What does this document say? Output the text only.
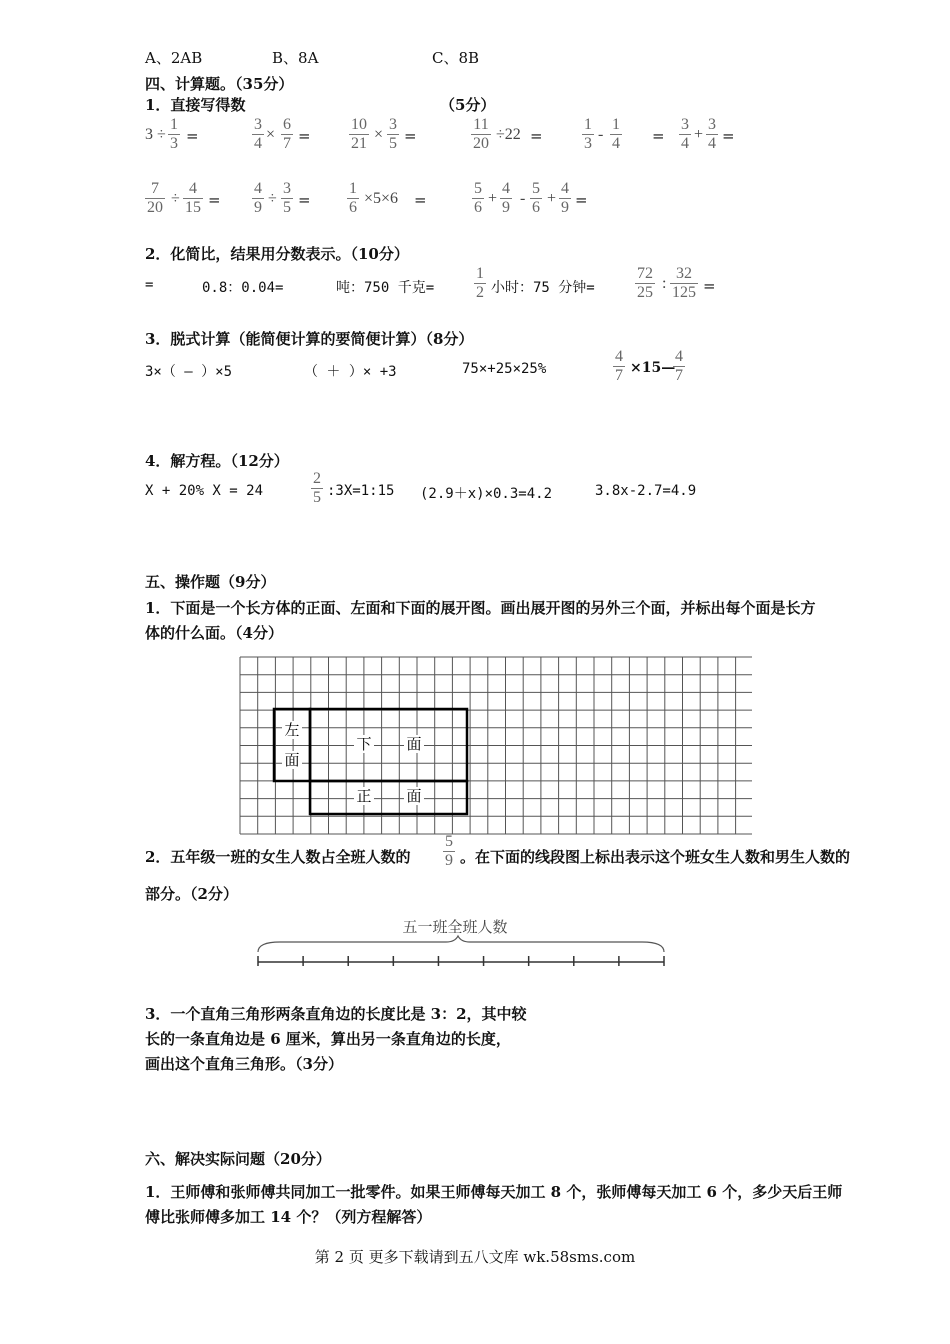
A、2AB	B、8A	C、8B
四、计算题。（35分）
1．直接写得数	（5分）
$3 \div \frac{1}{3}$ =	$\frac{3}{4} \times \frac{6}{7} = \frac{10}{21} \times \frac{3}{5}$ =	$\frac{11}{20} \div 22 = \frac{1}{3} - \frac{1}{4} = \frac{3}{4} + \frac{3}{4}$ =
$\frac{7}{20} \div \frac{4}{15} = \frac{4}{9} \div \frac{3}{5} = \frac{1}{6} \times 5\times 6$ =	$\frac{5}{6} + \frac{4}{9} - \frac{5}{6} + \frac{4}{9}$ =
2．化简比，结果用分数表示。（10分）
=	0.8：0.04=	吨：750 千克= $\frac{1}{2}$ 小时：75 分钟=	$\frac{72}{25}$ : $\frac{32}{125}$ =
3．脱式计算（能简便计算的要简便计算）（8分）
3×（ — ）×5	（ ＋ ）× +3	75×+25×25%	$\frac{4}{7}$ ×15—
$\frac{4}{7}$
4．解方程。（12分）
X + 20% X = 24	$\frac{2}{5}$ :3X=1:15 (2.9＋x)×0.3=4.2	3.8x-2.7=4.9
五、操作题（9分）
1．下面是一个长方体的正面、左面和下面的展开图。画出展开图的另外三个面，并标出每个面是长方
体的什么面。（4分）
左
面
下 面
正 面
2．五年级一班的女生人数占全班人数的 $\frac{5}{9}$ 。在下面的线段图上标出表示这个班女生人数和男生人数的
部分。（2分）
五一班全班人数
3．一个直角三角形两条直角边的长度比是 3：2，其中较
长的一条直角边是 6 厘米，算出另一条直角边的长度，
画出这个直角三角形。（3分）
六、解决实际问题（20分）
1．王师傅和张师傅共同加工一批零件。如果王师傅每天加工 8 个，张师傅每天加工 6 个，多少天后王师
傅比张师傅多加工 14 个？（列方程解答）
第 2 页 更多下载请到五八文库 wk.58sms.com
